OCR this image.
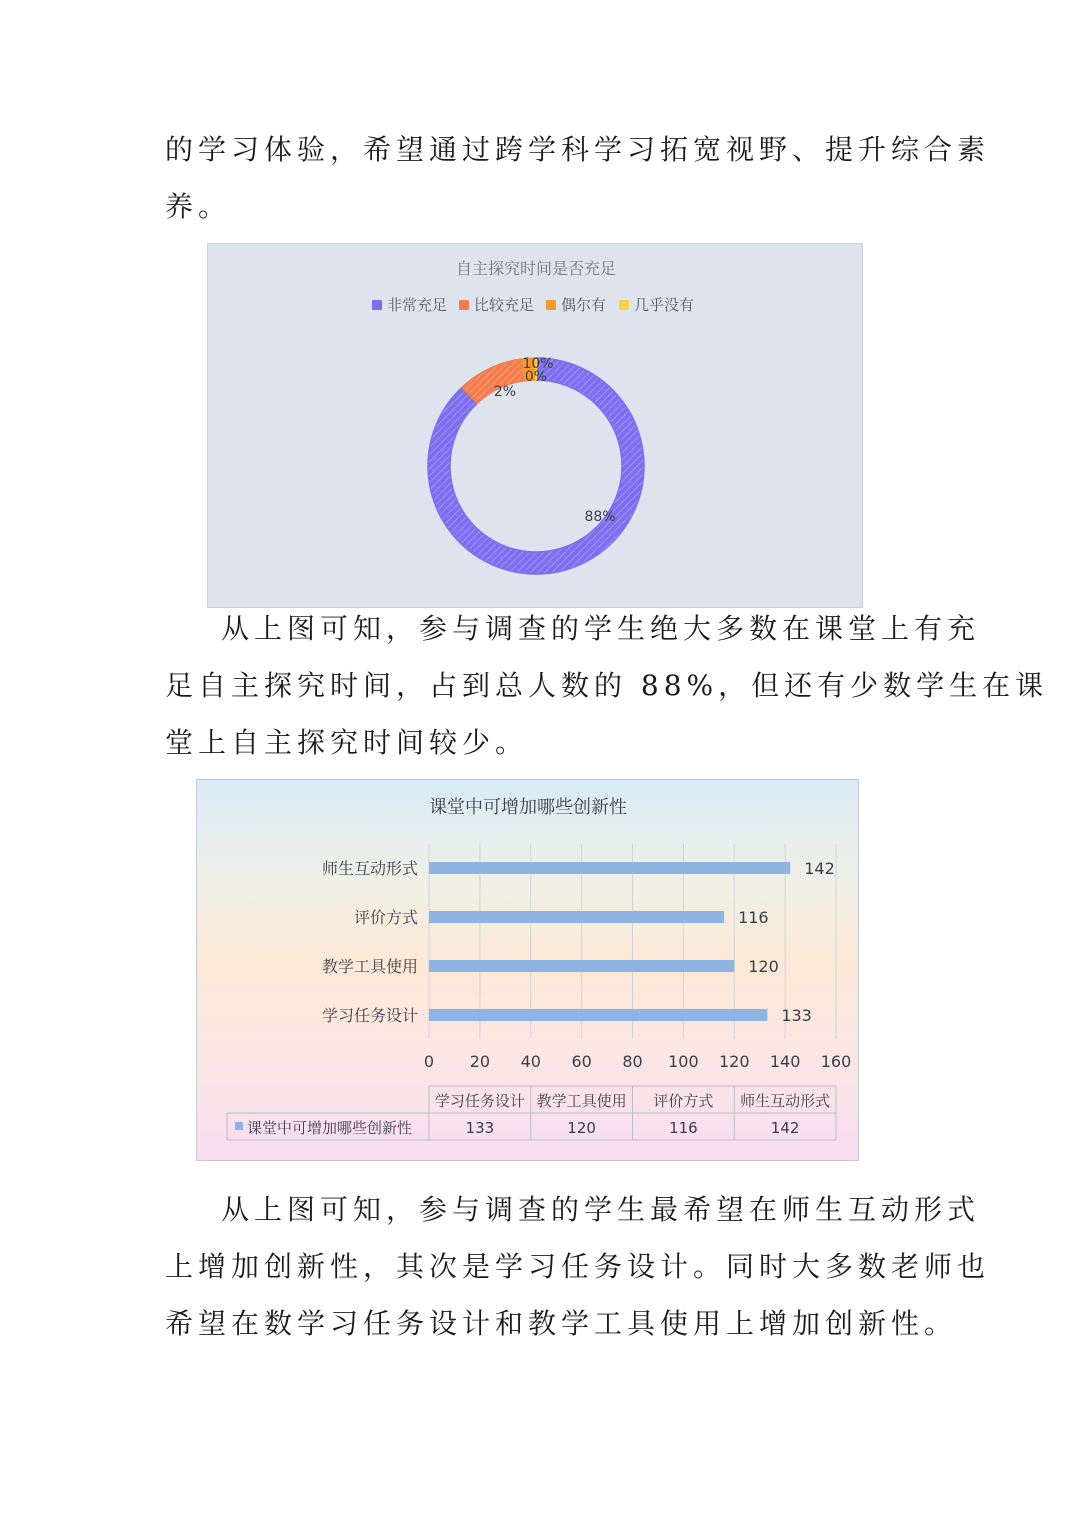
的学习体验，希望通过跨学科学习拓宽视野、提升综合素
养。

自主探究时间是否充足
非常充足 比较充足 偶尔有 几乎没有
88%
10%
2%
0%

从上图可知，参与调查的学生绝大多数在课堂上有充
足自主探究时间，占到总人数的 88%，但还有少数学生在课
堂上自主探究时间较少。

课堂中可增加哪些创新性
学习任务设计
教学工具使用
评价方式
师生互动形式
133
120
116
142
0 20 40 60 80 100 120 140 160
学习任务设计
133
教学工具使用
120
评价方式
116
师生互动形式
142
课堂中可增加哪些创新性

从上图可知，参与调查的学生最希望在师生互动形式
上增加创新性，其次是学习任务设计。同时大多数老师也
希望在数学习任务设计和教学工具使用上增加创新性。
